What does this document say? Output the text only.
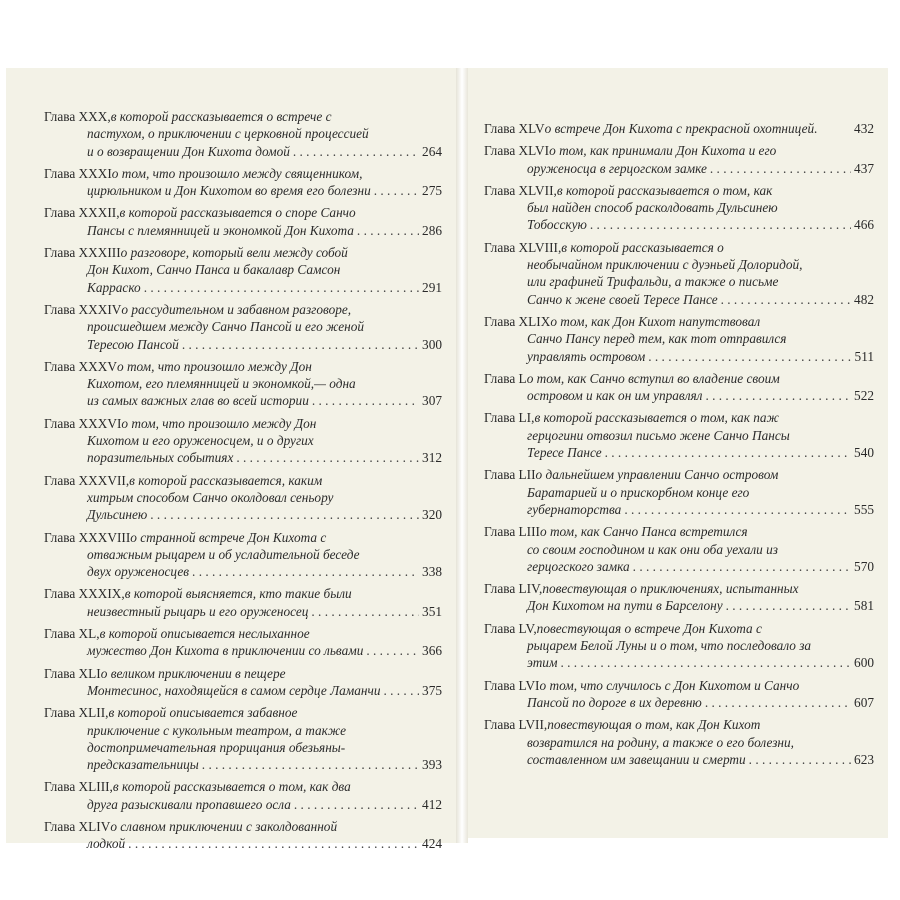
Глава XXX, в которой рассказывается о встрече с
пастухом, о приключении с церковной процессией
и о возвращении Дон Кихота домой . . .	264
Глава XXXI о том, что произошло между священником,
цирюльником и Дон Кихотом во время его болезни . . .	275
Глава XXXII, в которой рассказывается о споре Санчо
Пансы с племянницей и экономкой Дон Кихота . . .	286
Глава XXXIII о разговоре, который вели между собой
Дон Кихот, Санчо Панса и бакалавр Самсон
Карраско . . .	291
Глава XXXIV о рассудительном и забавном разговоре,
происшедшем между Санчо Пансой и его женой
Тересою Пансой . . .	300
Глава XXXV о том, что произошло между Дон
Кихотом, его племянницей и экономкой,— одна
из самых важных глав во всей истории . . .	307
Глава XXXVI о том, что произошло между Дон
Кихотом и его оруженосцем, и о других
поразительных событиях . . .	312
Глава XXXVII, в которой рассказывается, каким
хитрым способом Санчо околдовал сеньору
Дульсинею . . .	320
Глава XXXVIII о странной встрече Дон Кихота с
отважным рыцарем и об усладительной беседе
двух оруженосцев . . .	338
Глава XXXIX, в которой выясняется, кто такие были
неизвестный рыцарь и его оруженосец . . .	351
Глава XL, в которой описывается неслыханное
мужество Дон Кихота в приключении со львами . . .	366
Глава XLI о великом приключении в пещере
Монтесинос, находящейся в самом сердце Ламанчи . . .	375
Глава XLII, в которой описывается забавное
приключение с кукольным театром, а также
достопримечательная прорицания обезьяны-
предсказательницы . . .	393
Глава XLIII, в которой рассказывается о том, как два
друга разыскивали пропавшего осла . . .	412
Глава XLIV о славном приключении с заколдованной
лодкой . . .	424
Глава XLV о встрече Дон Кихота с прекрасной охотницей.	432
Глава XLVI о том, как принимали Дон Кихота и его
оруженосца в герцогском замке . . .	437
Глава XLVII, в которой рассказывается о том, как
был найден способ расколдовать Дульсинею
Тобосскую . . .	466
Глава XLVIII, в которой рассказывается о
необычайном приключении с дуэньей Долоридой,
или графиней Трифальди, а также о письме
Санчо к жене своей Тересе Пансе . . .	482
Глава XLIX о том, как Дон Кихот напутствовал
Санчо Пансу перед тем, как тот отправился
управлять островом . . .	511
Глава L о том, как Санчо вступил во владение своим
островом и как он им управлял . . .	522
Глава LI, в которой рассказывается о том, как паж
герцогини отвозил письмо жене Санчо Пансы
Тересе Пансе . . .	540
Глава LII о дальнейшем управлении Санчо островом
Баратарией и о прискорбном конце его
губернаторства . . .	555
Глава LIII о том, как Санчо Панса встретился
со своим господином и как они оба уехали из
герцогского замка . . .	570
Глава LIV, повествующая о приключениях, испытанных
Дон Кихотом на пути в Барселону . . .	581
Глава LV, повествующая о встрече Дон Кихота с
рыцарем Белой Луны и о том, что последовало за
этим . . .	600
Глава LVI о том, что случилось с Дон Кихотом и Санчо
Пансой по дороге в их деревню . . .	607
Глава LVII, повествующая о том, как Дон Кихот
возвратился на родину, а также о его болезни,
составленном им завещании и смерти . . .	623
